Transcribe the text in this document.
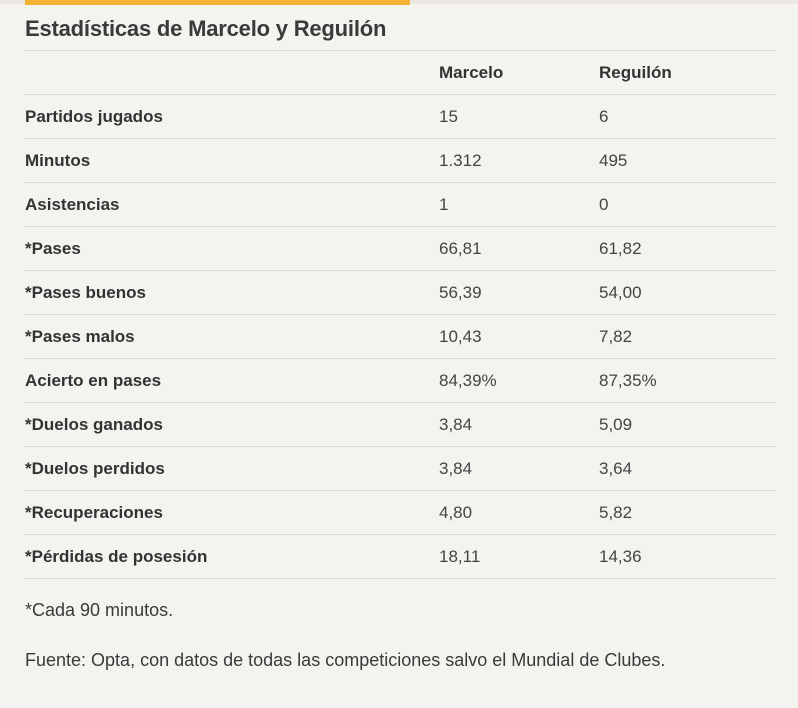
Estadísticas de Marcelo y Reguilón
	Marcelo	Reguilón
Partidos jugados	15	6
Minutos	1.312	495
Asistencias	1	0
*Pases	66,81	61,82
*Pases buenos	56,39	54,00
*Pases malos	10,43	7,82
Acierto en pases	84,39%	87,35%
*Duelos ganados	3,84	5,09
*Duelos perdidos	3,84	3,64
*Recuperaciones	4,80	5,82
*Pérdidas de posesión	18,11	14,36

*Cada 90 minutos.

Fuente: Opta, con datos de todas las competiciones salvo el Mundial de Clubes.
